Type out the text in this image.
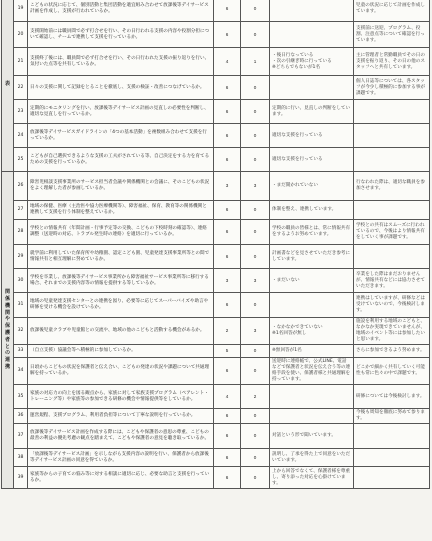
表	19	こどもの状況に応じて、個別活動と集団活動を適宜組み合わせて放課後等デイサービス計画を作成し、支援が行われているか。	6	0		児童の状況に応じて計画を作成しています。
	20	支援開始前には職員間で必ず打合せを行い、その日行われる支援の内容や役割分担について確認し、チームで連携して支援を行っているか。	6	0		支援前に送迎、プログラム、役割、注意点等について確認を行っています。
	21	支援終了後には、職員間で必ず打合せを行い、その日行われた支援の振り返りを行い、気付いた点等を共有しているか。	4	1	・後日行なっている
・次の引継ぎ時に行っている
※どちらでもないが1名	主に管理者と常勤職員でその日の支援を振り返り、その日の他のスタッフへと共有しています。
	22	日々の支援に関して記録をとることを徹底し、支援の検証・改善につなげているか。	6	0		個人日誌等については、各スタッフが今少し積極的に参加する事が課題です。
	23	定期的にモニタリングを行い、放課後等デイサービス計画の見直しの必要性を判断し、適切な見直しを行っているか。	6	0	定期的に行い、見直しの判断をしています。	
	24	放課後等デイサービスガイドラインの「4つの基本活動」を複数組み合わせて支援を行っているか。	6	0	適切な支援を行っている	
	25	こどもが自己選択できるような支援の工夫がされている等、自己決定をする力を育てるための支援を行っているか。	6	0	適切な支援を行っている	

関係機関や保護者との連携	26	障害児相談支援事業所のサービス担当者会議や関係機関との会議に、そのこどもの状況をよく理解した者が参画しているか。	3	3	・まだ開かれていない	行なわれた際は、適切な職員を参加させます。
	27	地域の保健、医療（主治医や協力医療機関等）、障害福祉、保育、教育等の関係機関と連携して支援を行う体制を整えているか。	6	0	体制を整え、連携しています。	
	28	学校との情報共有（年間計画・行事予定等の交換、こどもの下校時刻の確認等）、連絡調整（送迎時の対応、トラブル発生時の連絡）を適切に行っているか。	6	0	学校の職員の皆様とは、常に情報共有をするようお努めています。	学校との共有はスムーズに行われているので、今後はより情報共有をしていく事が課題です。
	29	就学前に利用していた保育所や幼稚園、認定こども園、児童発達支援事業所等との間で情報共有と相互理解に努めているか。	6	0	計画書などを見させていただき参考にしています。	
	30	学校を卒業し、放課後等デイサービス事業所から障害福祉サービス事業所等に移行する場合、それまでの支援内容等の情報を提供する等しているか。	3	3	・まだいない	卒業をした際はまだおりませんが、情報共有などには協力させていただきます。
	31	地域の児童発達支援センターとの連携を図り、必要等に応じてスーパーバイズや助言や研修を受ける機会を設けているか。	6	0		連携はしていますが、研修などは受けていないので、今後検討します。
	32	放課後児童クラブや児童館との交流や、地域の他のこどもと活動する機会があるか。	2	3	・なかなかできていない
※1名回答が無し	施設を利用する地域のこどもと、なかなか実現できていませんが、地域のイベント等には参加したいと思います。
	33	（自立支援）協議会等へ積極的に参加しているか。	5	0	※無回答が1名	さらに参加できるよう努めます。
	34	日頃からこどもの状況を保護者と伝え合い、こどもの発達の状況や課題について共通理解を持っているか。	6	0	送迎時に連絡帳で、公式LINE、電話などで保護者と状況を伝え合う等の連絡手段を使い、保護者様と共通理解を持っています。	どこかで細かく共有していく可能性も常に色々の中で課題です。
	35	家族の対応力の向上を図る観点から、家族に対して家族支援プログラム（ペアレント・トレーニング等）や家族等の参加できる研修の機会や情報提供等をしているか。	4	2		研修については今後検討します。
	36	運営規程、支援プログラム、利用者負担等について丁寧な説明を行っているか。	6	0		今後も周知を徹底に努めて参ります。
	37	放課後等デイサービス計画を作成する際には、こどもや保護者の意思の尊重、こどもの最善の利益の優先考慮の観点を踏まえて、こどもや保護者の意見を聴き取っているか。	6	0	対話という形で聞いています。	
	38	「放課後等デイサービス計画」を示しながら支援内容の説明を行い、保護者から放課後等デイサービス計画の同意を得ているか。	6	0	説明し、了承を得た上で同意をいただいています。	
	39	家族等からの子育ての悩み等に対する相談に適切に応じ、必要な助言と支援を行っているか。	6	0	上から回答でなくて、保護者様を尊重し、寄り添った対応を心掛けています。	
